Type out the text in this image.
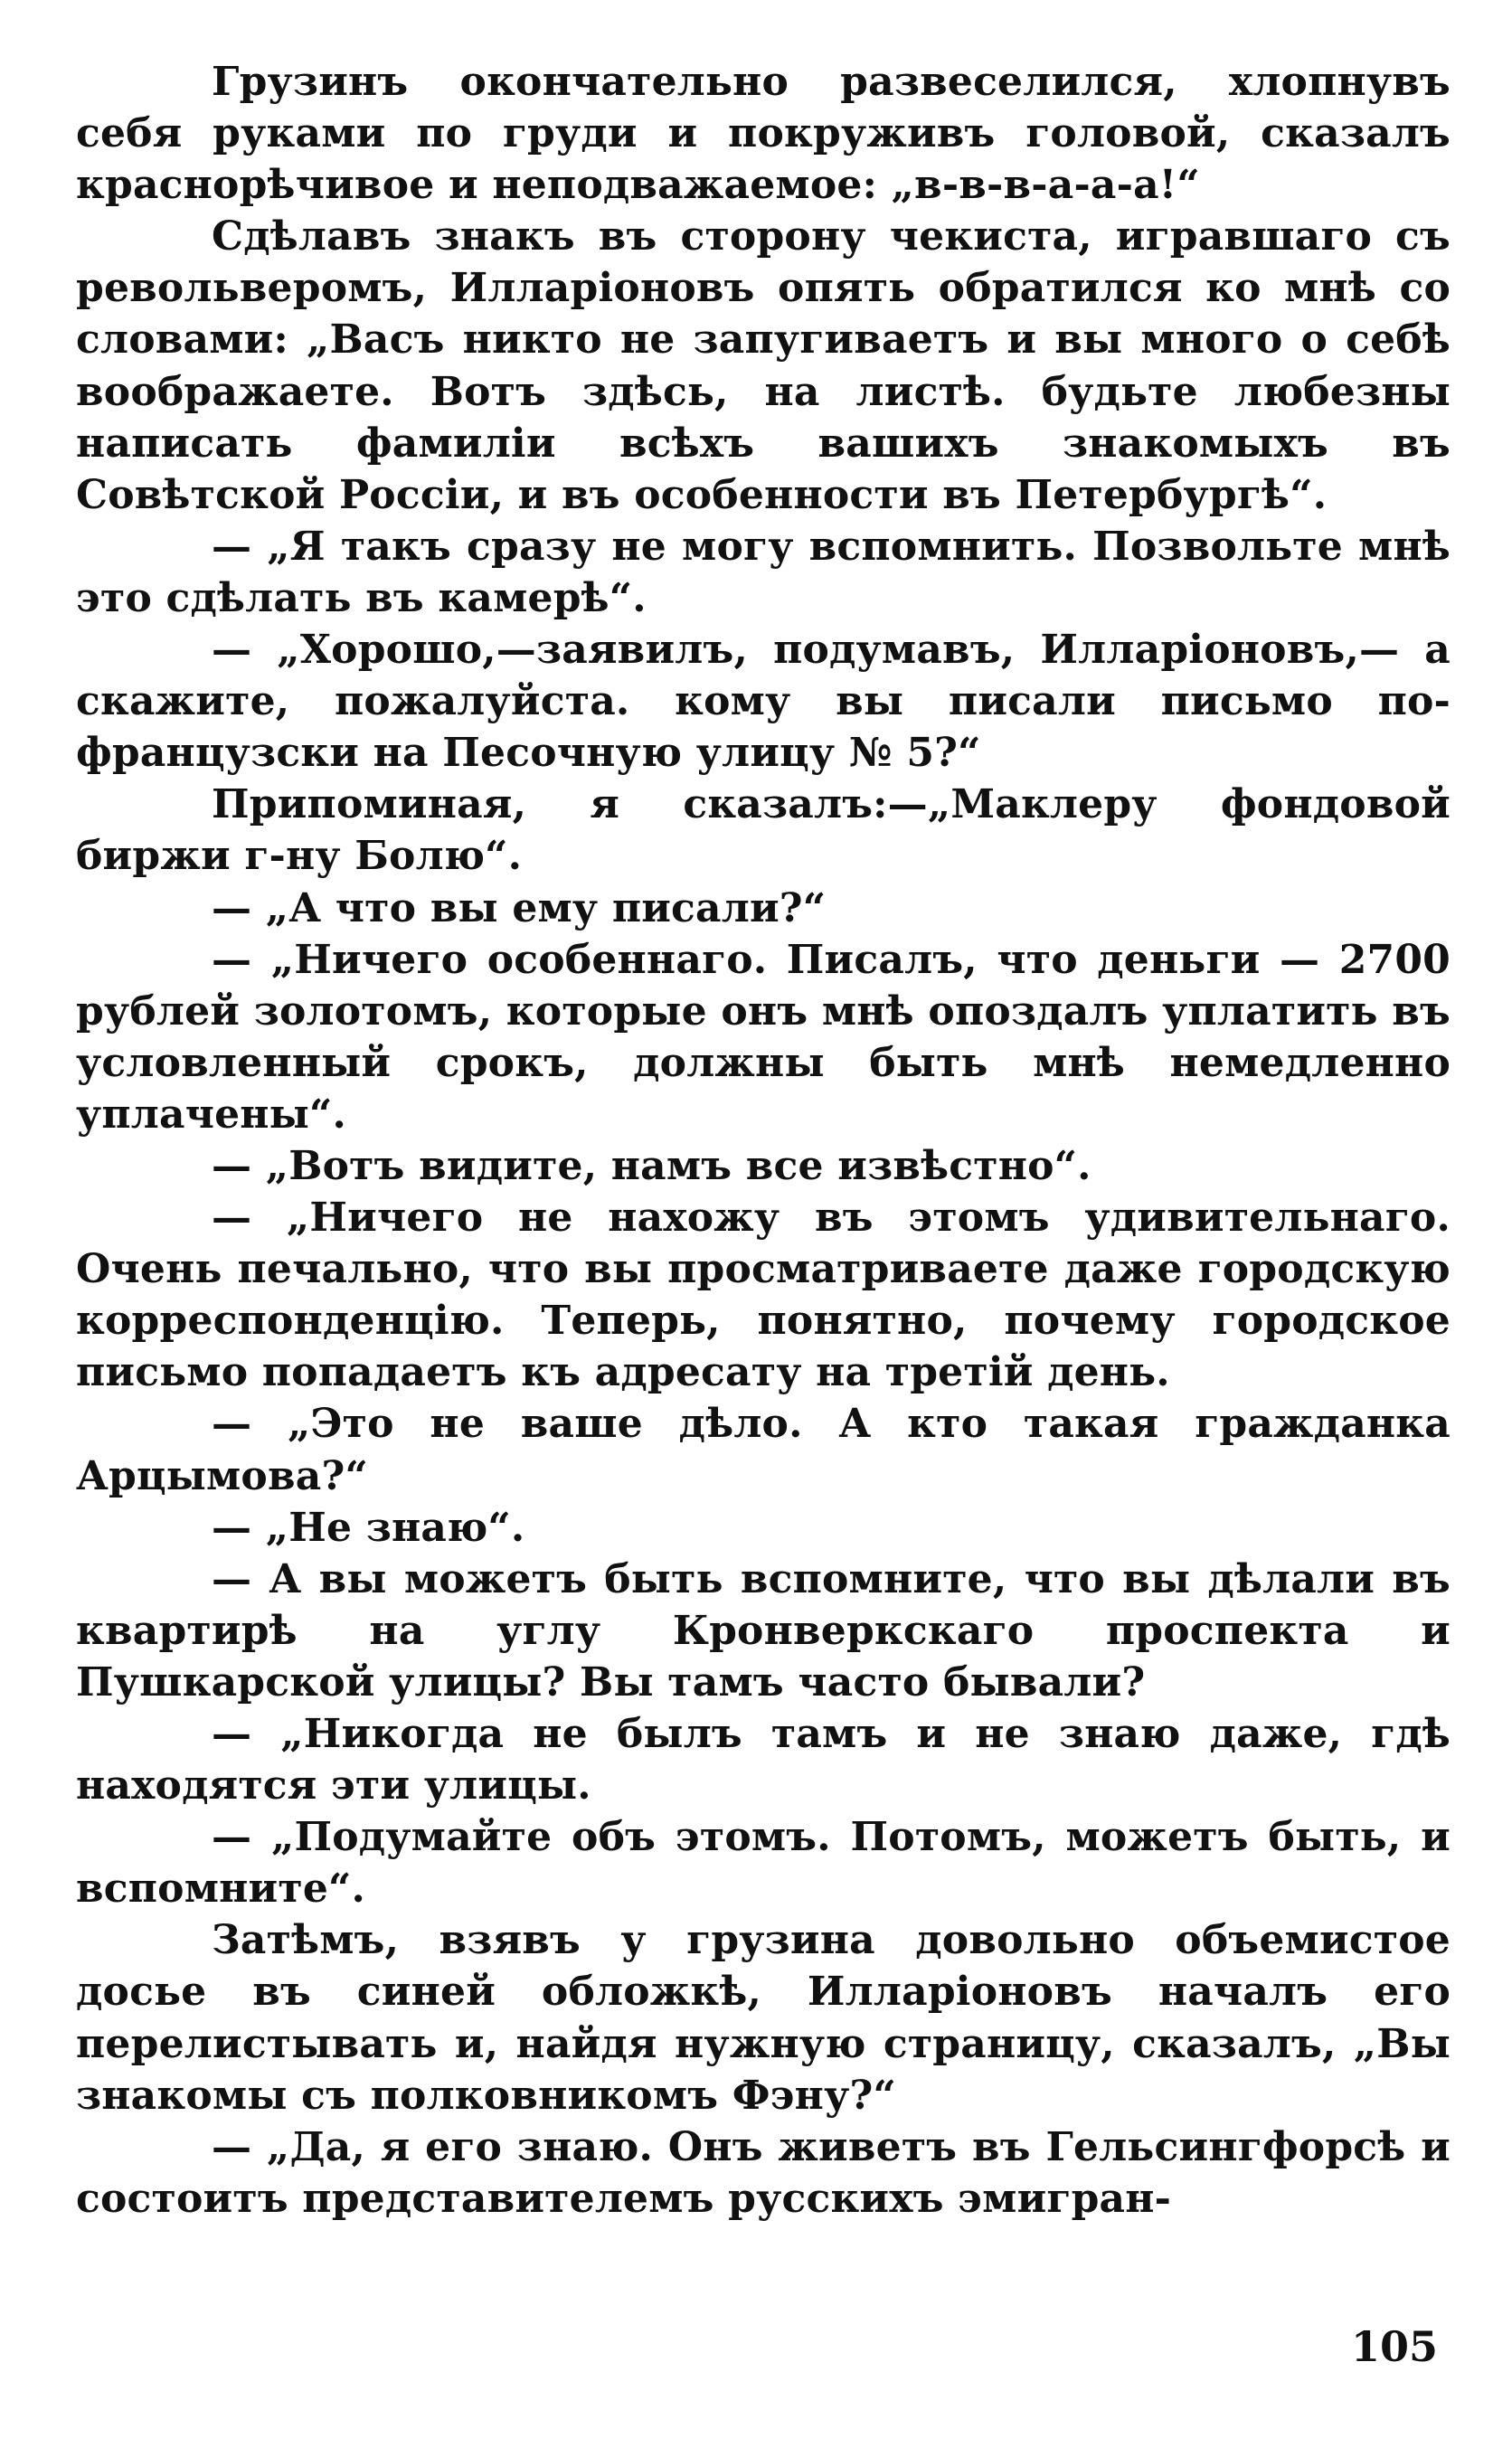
Грузинъ окончательно развеселился, хлопнувъ себя руками по груди и покруживъ головой, сказалъ краснорѣчивое и неподважаемое: „в-в-в-а-а-а!“

Сдѣлавъ знакъ въ сторону чекиста, игравшаго съ револьверомъ, Илларіоновъ опять обратился ко мнѣ со словами: „Васъ никто не запугиваетъ и вы много о себѣ воображаете. Вотъ здѣсь, на листѣ. будьте любезны написать фамиліи всѣхъ вашихъ знакомыхъ въ Совѣтской Россіи, и въ особенности въ Петербургѣ“.

— „Я такъ сразу не могу вспомнить. Позвольте мнѣ это сдѣлать въ камерѣ“.

— „Хорошо,—заявилъ, подумавъ, Илларіоновъ,— а скажите, пожалуйста. кому вы писали письмо по-французски на Песочную улицу № 5?“

Припоминая, я сказалъ:—„Маклеру фондовой биржи г-ну Болю“.

— „А что вы ему писали?“

— „Ничего особеннаго. Писалъ, что деньги — 2700 рублей золотомъ, которые онъ мнѣ опоздалъ уплатить въ условленный срокъ, должны быть мнѣ немедленно уплачены“.

— „Вотъ видите, намъ все извѣстно“.

— „Ничего не нахожу въ этомъ удивительнаго. Очень печально, что вы просматриваете даже городскую корреспонденцію. Теперь, понятно, почему городское письмо попадаетъ къ адресату на третій день.

— „Это не ваше дѣло. А кто такая гражданка Арцымова?“

— „Не знаю“.

— А вы можетъ быть вспомните, что вы дѣлали въ квартирѣ на углу Кронверкскаго проспекта и Пушкарской улицы? Вы тамъ часто бывали?

— „Никогда не былъ тамъ и не знаю даже, гдѣ находятся эти улицы.

— „Подумайте объ этомъ. Потомъ, можетъ быть, и вспомните“.

Затѣмъ, взявъ у грузина довольно объемистое досье въ синей обложкѣ, Илларіоновъ началъ его перелистывать и, найдя нужную страницу, сказалъ, „Вы знакомы съ полковникомъ Фэну?“

— „Да, я его знаю. Онъ живетъ въ Гельсингфорсѣ и состоитъ представителемъ русскихъ эмигран-

105
